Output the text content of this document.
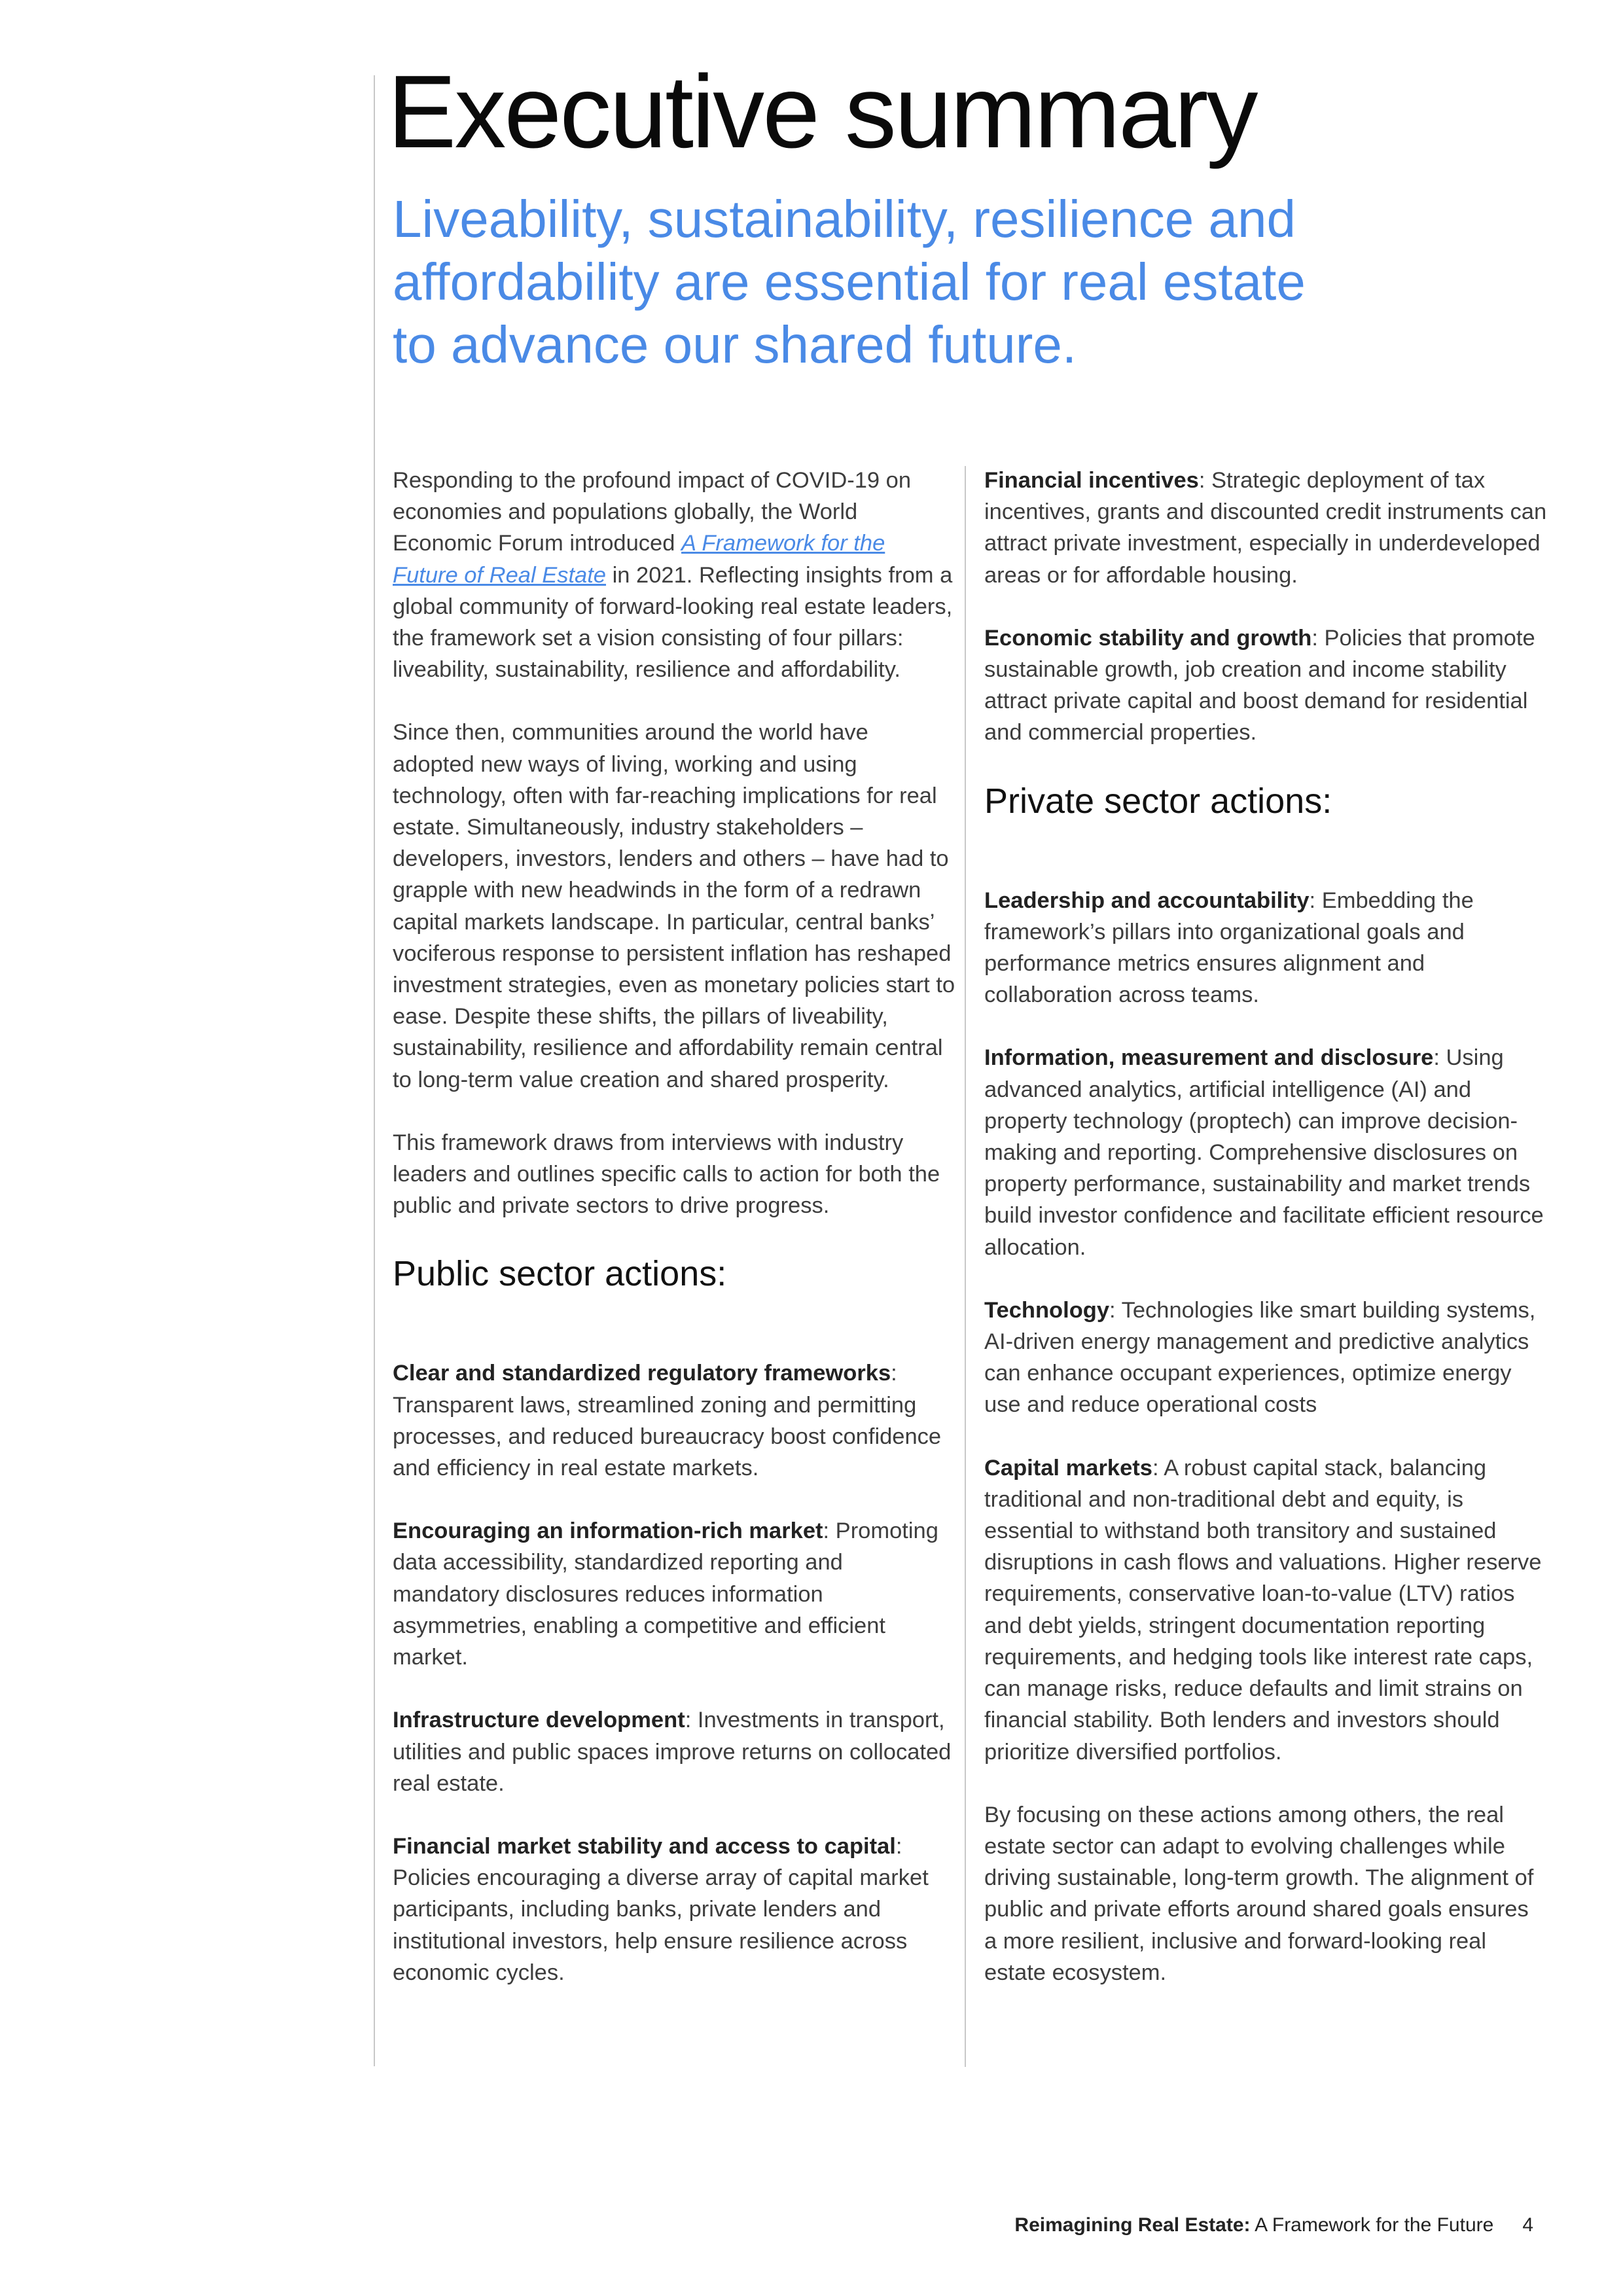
Executive summary

Liveability, sustainability, resilience and affordability are essential for real estate to advance our shared future.

Responding to the profound impact of COVID-19 on economies and populations globally, the World Economic Forum introduced A Framework for the Future of Real Estate in 2021. Reflecting insights from a global community of forward-looking real estate leaders, the framework set a vision consisting of four pillars: liveability, sustainability, resilience and affordability.

Since then, communities around the world have adopted new ways of living, working and using technology, often with far-reaching implications for real estate. Simultaneously, industry stakeholders – developers, investors, lenders and others – have had to grapple with new headwinds in the form of a redrawn capital markets landscape. In particular, central banks’ vociferous response to persistent inflation has reshaped investment strategies, even as monetary policies start to ease. Despite these shifts, the pillars of liveability, sustainability, resilience and affordability remain central to long-term value creation and shared prosperity.

This framework draws from interviews with industry leaders and outlines specific calls to action for both the public and private sectors to drive progress.

Public sector actions:

Clear and standardized regulatory frameworks: Transparent laws, streamlined zoning and permitting processes, and reduced bureaucracy boost confidence and efficiency in real estate markets.

Encouraging an information-rich market: Promoting data accessibility, standardized reporting and mandatory disclosures reduces information asymmetries, enabling a competitive and efficient market.

Infrastructure development: Investments in transport, utilities and public spaces improve returns on collocated real estate.

Financial market stability and access to capital: Policies encouraging a diverse array of capital market participants, including banks, private lenders and institutional investors, help ensure resilience across economic cycles.

Financial incentives: Strategic deployment of tax incentives, grants and discounted credit instruments can attract private investment, especially in underdeveloped areas or for affordable housing.

Economic stability and growth: Policies that promote sustainable growth, job creation and income stability attract private capital and boost demand for residential and commercial properties.

Private sector actions:

Leadership and accountability: Embedding the framework’s pillars into organizational goals and performance metrics ensures alignment and collaboration across teams.

Information, measurement and disclosure: Using advanced analytics, artificial intelligence (AI) and property technology (proptech) can improve decision-making and reporting. Comprehensive disclosures on property performance, sustainability and market trends build investor confidence and facilitate efficient resource allocation.

Technology: Technologies like smart building systems, AI-driven energy management and predictive analytics can enhance occupant experiences, optimize energy use and reduce operational costs

Capital markets: A robust capital stack, balancing traditional and non-traditional debt and equity, is essential to withstand both transitory and sustained disruptions in cash flows and valuations. Higher reserve requirements, conservative loan-to-value (LTV) ratios and debt yields, stringent documentation reporting requirements, and hedging tools like interest rate caps, can manage risks, reduce defaults and limit strains on financial stability. Both lenders and investors should prioritize diversified portfolios.

By focusing on these actions among others, the real estate sector can adapt to evolving challenges while driving sustainable, long-term growth. The alignment of public and private efforts around shared goals ensures a more resilient, inclusive and forward-looking real estate ecosystem.

Reimagining Real Estate: A Framework for the Future 4
